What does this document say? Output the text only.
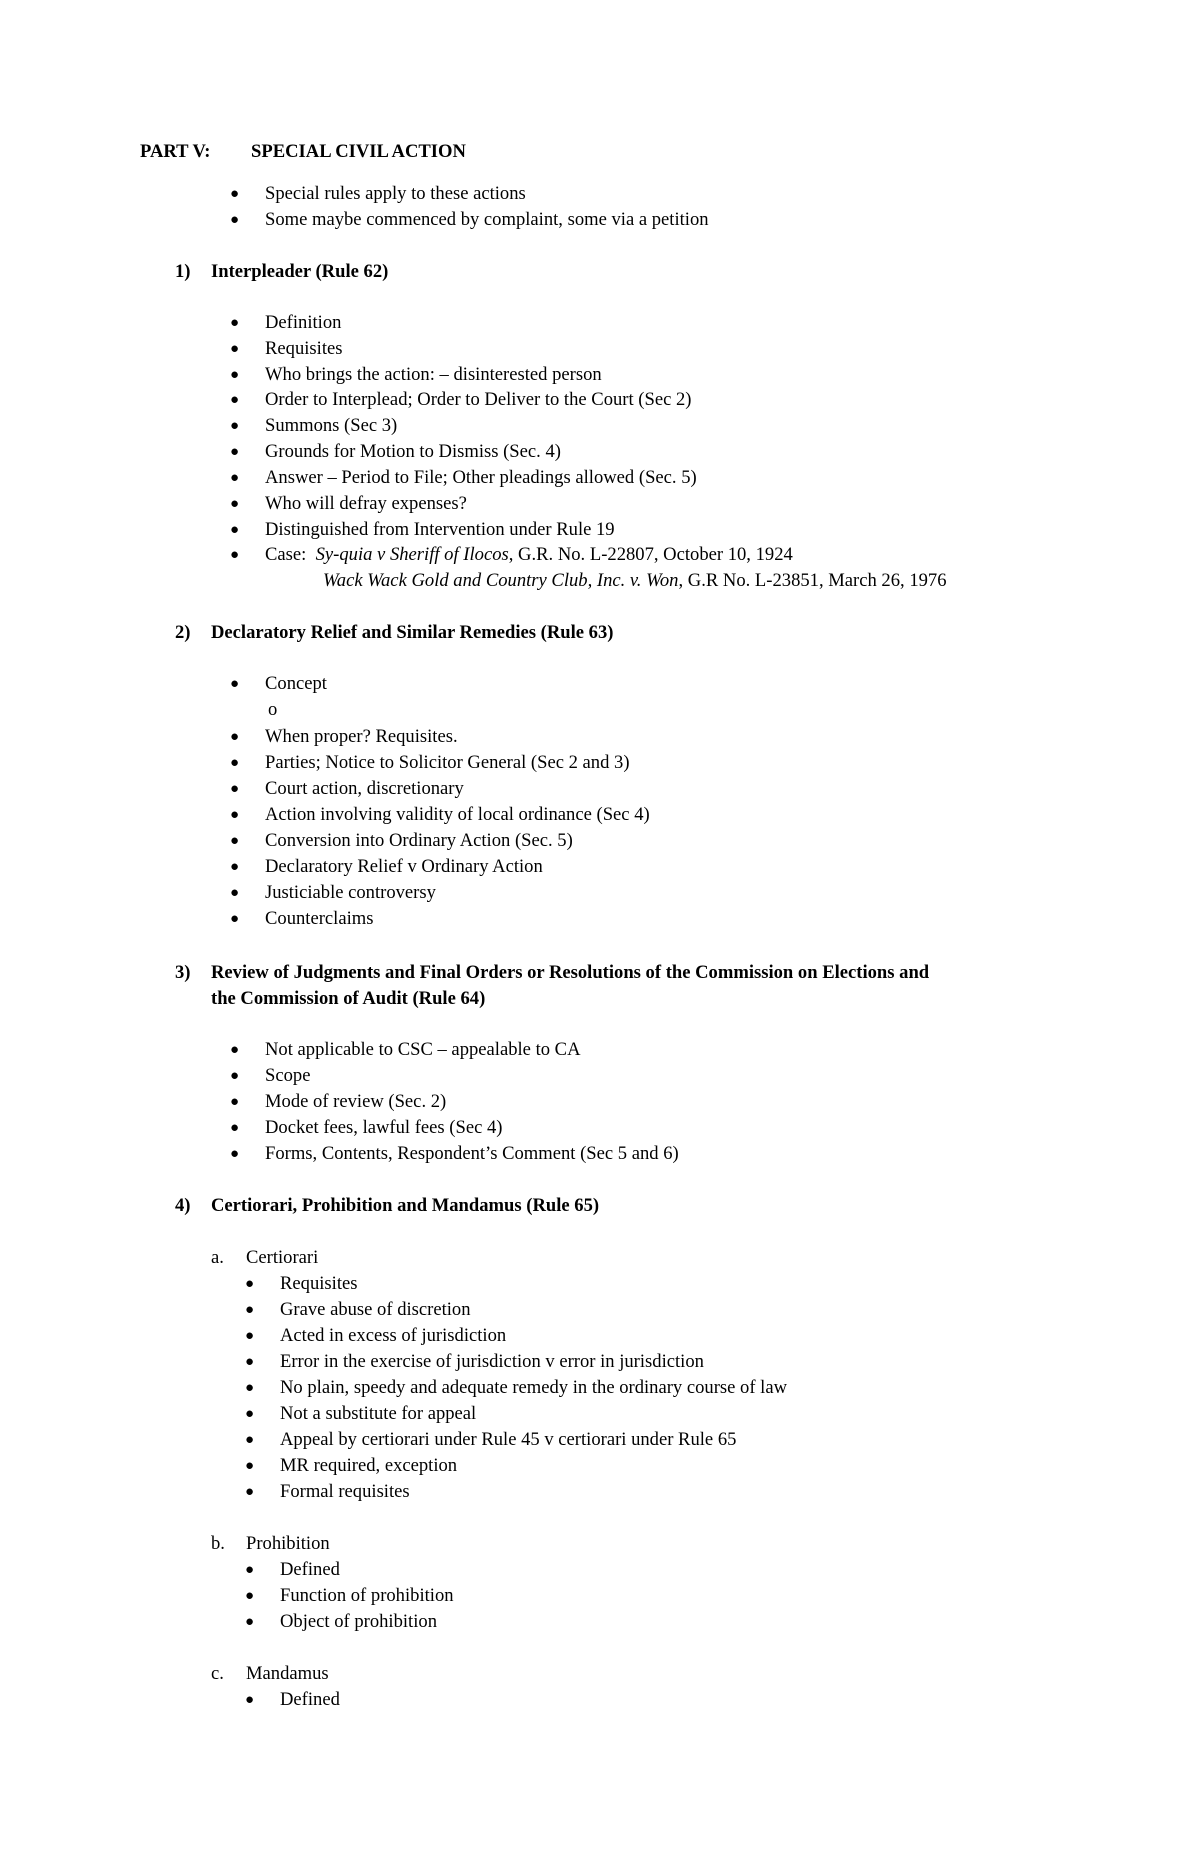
PART V: SPECIAL CIVIL ACTION
● Special rules apply to these actions
● Some maybe commenced by complaint, some via a petition
1) Interpleader (Rule 62)
● Definition
● Requisites
● Who brings the action: – disinterested person
● Order to Interplead; Order to Deliver to the Court (Sec 2)
● Summons (Sec 3)
● Grounds for Motion to Dismiss (Sec. 4)
● Answer – Period to File; Other pleadings allowed (Sec. 5)
● Who will defray expenses?
● Distinguished from Intervention under Rule 19
● Case: Sy-quia v Sheriff of Ilocos, G.R. No. L-22807, October 10, 1924
Wack Wack Gold and Country Club, Inc. v. Won, G.R No. L-23851, March 26, 1976
2) Declaratory Relief and Similar Remedies (Rule 63)
● Concept
o
● When proper? Requisites.
● Parties; Notice to Solicitor General (Sec 2 and 3)
● Court action, discretionary
● Action involving validity of local ordinance (Sec 4)
● Conversion into Ordinary Action (Sec. 5)
● Declaratory Relief v Ordinary Action
● Justiciable controversy
● Counterclaims
3) Review of Judgments and Final Orders or Resolutions of the Commission on Elections and
the Commission of Audit (Rule 64)
● Not applicable to CSC – appealable to CA
● Scope
● Mode of review (Sec. 2)
● Docket fees, lawful fees (Sec 4)
● Forms, Contents, Respondent’s Comment (Sec 5 and 6)
4) Certiorari, Prohibition and Mandamus (Rule 65)
a. Certiorari
● Requisites
● Grave abuse of discretion
● Acted in excess of jurisdiction
● Error in the exercise of jurisdiction v error in jurisdiction
● No plain, speedy and adequate remedy in the ordinary course of law
● Not a substitute for appeal
● Appeal by certiorari under Rule 45 v certiorari under Rule 65
● MR required, exception
● Formal requisites
b. Prohibition
● Defined
● Function of prohibition
● Object of prohibition
c. Mandamus
● Defined
